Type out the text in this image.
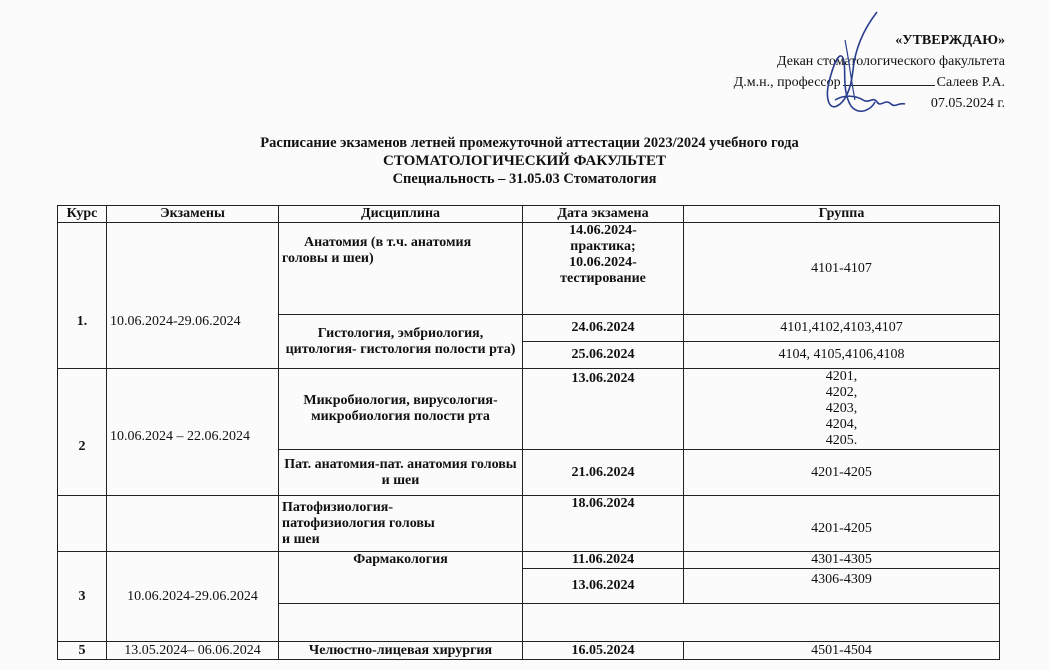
«УТВЕРЖДАЮ»
Декан стоматологического факультета
Д.м.н., профессор	Салеев Р.А.
07.05.2024 г.
Расписание экзаменов летней промежуточной аттестации 2023/2024 учебного года
СТОМАТОЛОГИЧЕСКИЙ ФАКУЛЬТЕТ
Специальность – 31.05.03 Стоматология
Курс	Экзамены	Дисциплина	Дата экзамена	Группа
1.	10.06.2024-29.06.2024	Анатомия (в т.ч. анатомия головы и шеи)	14.06.2024- практика; 10.06.2024- тестирование	4101-4107
		Гистология, эмбриология, цитология- гистология полости рта)	24.06.2024	4101,4102,4103,4107
			25.06.2024	4104, 4105,4106,4108
2	10.06.2024 – 22.06.2024	Микробиология, вирусология- микробиология полости рта	13.06.2024	4201, 4202, 4203, 4204, 4205.
		Пат. анатомия-пат. анатомия головы и шеи	21.06.2024	4201-4205
		Патофизиология- патофизиология головы и шеи	18.06.2024	4201-4205
3	10.06.2024-29.06.2024	Фармакология	11.06.2024	4301-4305
			13.06.2024	4306-4309

5	13.05.2024– 06.06.2024	Челюстно-лицевая хирургия	16.05.2024	4501-4504
